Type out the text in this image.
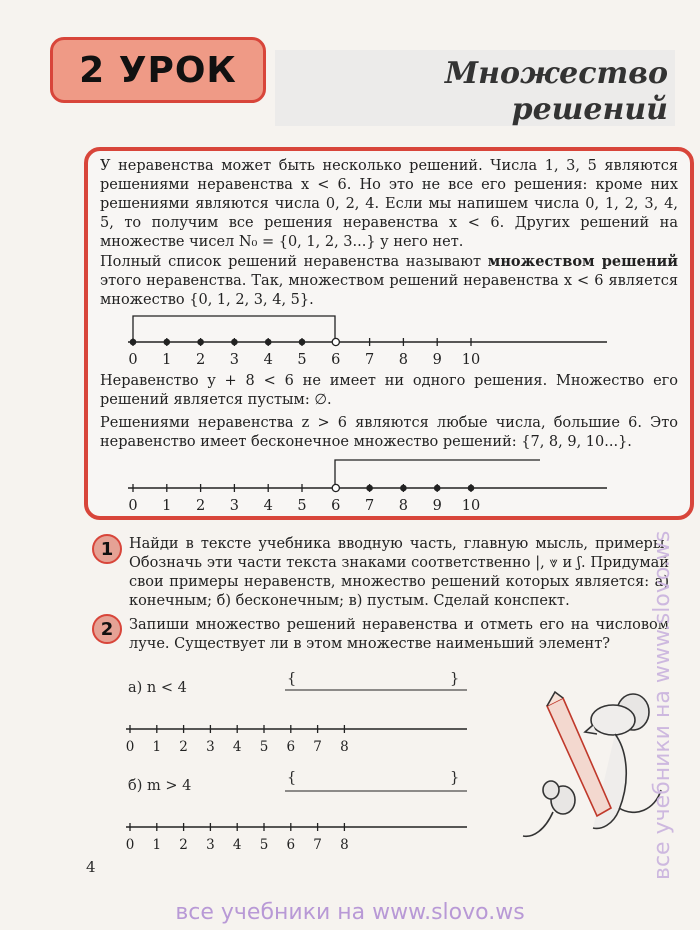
2 УРОК	Множество
решений
У неравенства может быть несколько решений. Числа 1, 3, 5 являются решениями неравенства x < 6. Но это не все его решения: кроме них решениями являются числа 0, 2, 4. Если мы напишем числа 0, 1, 2, 3, 4, 5, то получим все решения неравенства x < 6. Других решений на множестве чисел N₀ = {0, 1, 2, 3...} у него нет.
Полный список решений неравенства называют множеством решений этого неравенства. Так, множеством решений неравенства x < 6 является множество {0, 1, 2, 3, 4, 5}.
0 1 2 3 4 5 6 7 8 9 10
0 1 2 3 4 5 6 7 8 9 10
0 1 2 3 4 5 6 7 8
0 1 2 3 4 5 6 7 8
Неравенство y + 8 < 6 не имеет ни одного решения. Множество его решений является пустым: ∅.
Решениями неравенства z > 6 являются любые числа, большие 6. Это неравенство имеет бесконечное множество решений: {7, 8, 9, 10...}.
1	Найди в тексте учебника вводную часть, главную мысль, примеры. Обозначь эти части текста знаками соответственно |, ⩔ и ʃ. Придумай свои примеры неравенств, множество решений которых является: а) конечным; б) бесконечным; в) пустым. Сделай конспект.
2	Запиши множество решений неравенства и отметь его на числовом луче. Существует ли в этом множестве наименьший элемент?
а) n < 4
{	}
б) m > 4	{	}
4
все учебники на www.slovo.ws
все учебники на www.slovo.ws
